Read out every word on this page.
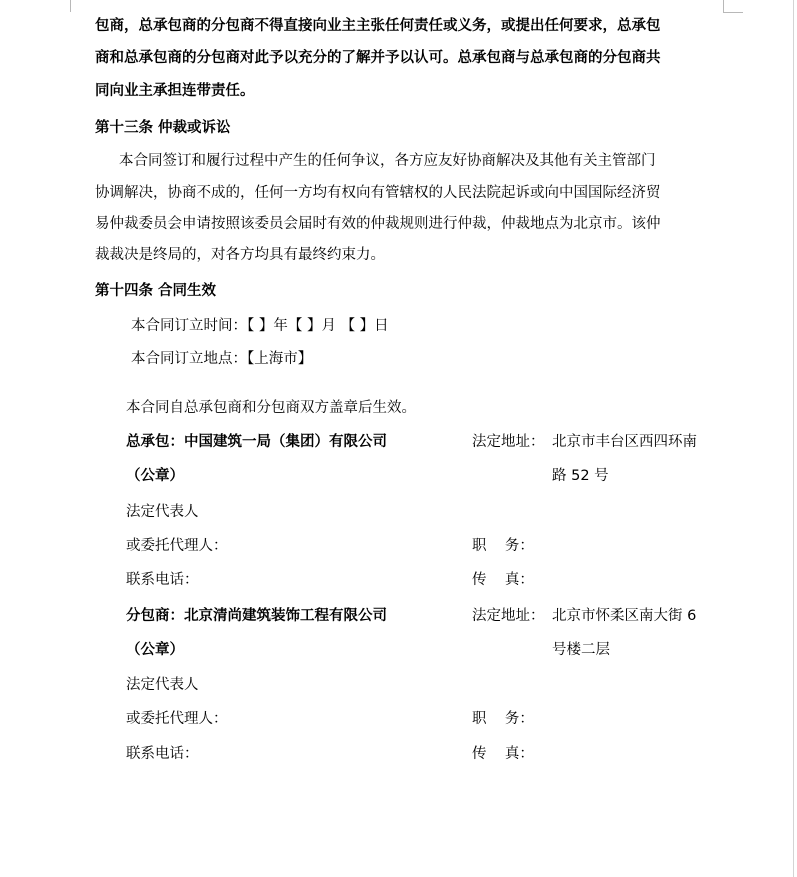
包商，总承包商的分包商不得直接向业主主张任何责任或义务，或提出任何要求，总承包
商和总承包商的分包商对此予以充分的了解并予以认可。总承包商与总承包商的分包商共
同向业主承担连带责任。
第十三条 仲裁或诉讼
本合同签订和履行过程中产生的任何争议，各方应友好协商解决及其他有关主管部门
协调解决，协商不成的，任何一方均有权向有管辖权的人民法院起诉或向中国国际经济贸
易仲裁委员会申请按照该委员会届时有效的仲裁规则进行仲裁，仲裁地点为北京市。该仲
裁裁决是终局的，对各方均具有最终约束力。
第十四条 合同生效
本合同订立时间：【 】年【 】月 【 】日
本合同订立地点：【上海市】
本合同自总承包商和分包商双方盖章后生效。
总承包：中国建筑一局（集团）有限公司	法定地址： 北京市丰台区西四环南
（公章）	路 52 号
法定代表人
或委托代理人：	职    务：
联系电话：	传    真：
分包商：北京清尚建筑装饰工程有限公司	法定地址： 北京市怀柔区南大街 6
（公章）	号楼二层
法定代表人
或委托代理人：	职    务：
联系电话：	传    真：
